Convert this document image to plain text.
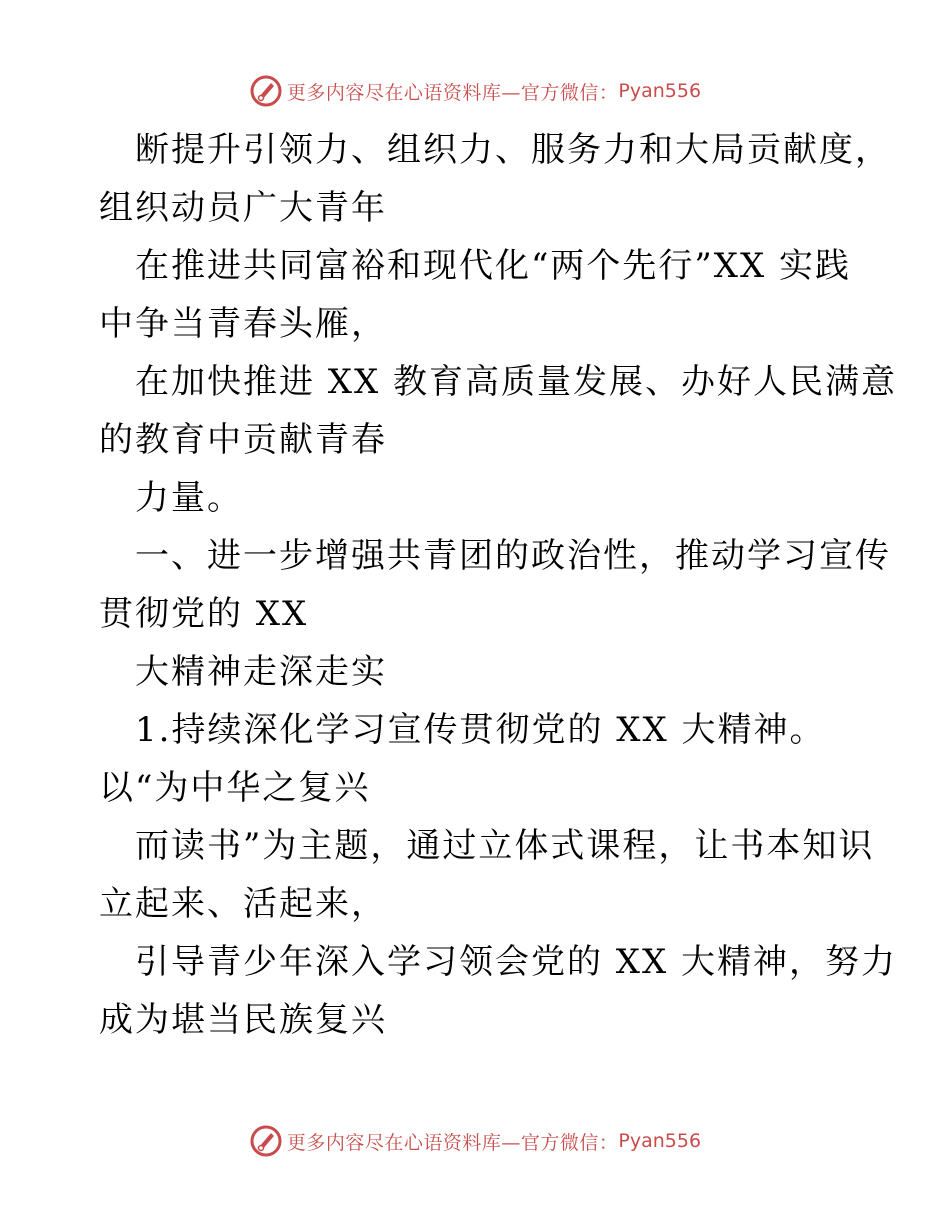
更多内容尽在心语资料库—官方微信： Pyan556

断提升引领力、组织力、服务力和大局贡献度，

组织动员广大青年

在推进共同富裕和现代化“两个先行”XX 实践

中争当青春头雁，

在加快推进 XX 教育高质量发展、办好人民满意

的教育中贡献青春

力量。

一、进一步增强共青团的政治性，推动学习宣传

贯彻党的 XX

大精神走深走实

1.持续深化学习宣传贯彻党的 XX 大精神。

以“为中华之复兴

而读书”为主题，通过立体式课程，让书本知识

立起来、活起来，

引导青少年深入学习领会党的 XX 大精神，努力

成为堪当民族复兴

更多内容尽在心语资料库—官方微信： Pyan556
